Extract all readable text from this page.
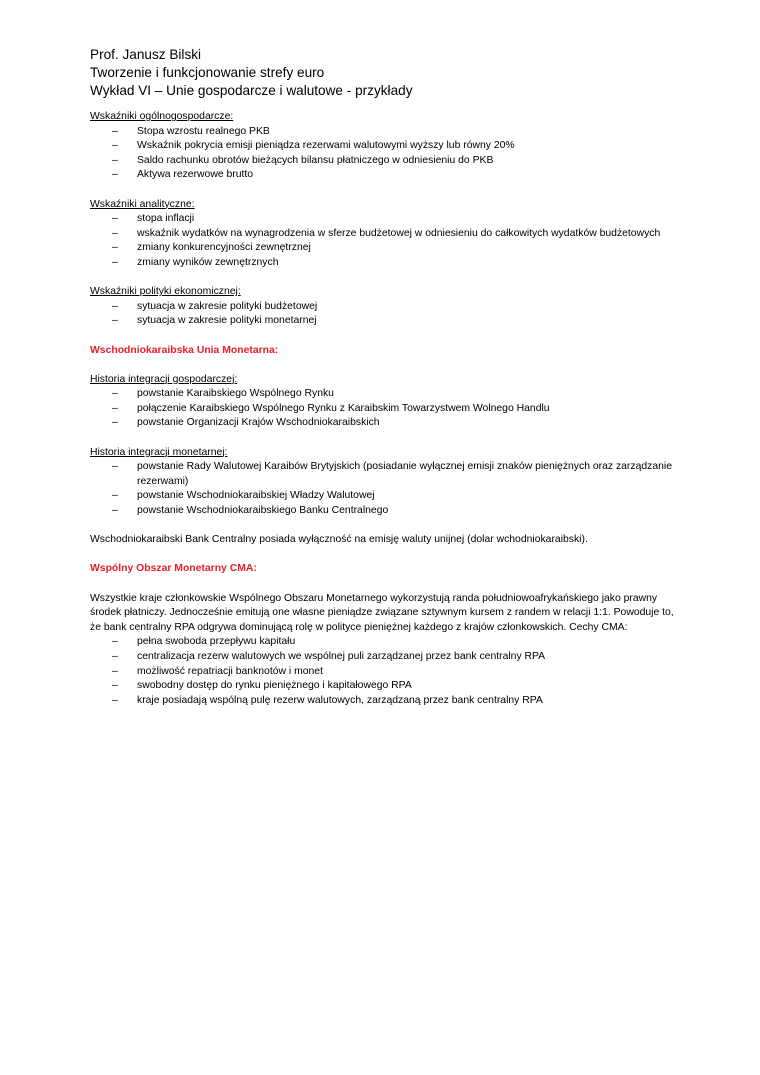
Prof. Janusz Bilski
Tworzenie i funkcjonowanie strefy euro
Wykład VI – Unie gospodarcze i walutowe - przykłady

Wskaźniki ogólnogospodarcze:

– Stopa wzrostu realnego PKB
– Wskaźnik pokrycia emisji pieniądza rezerwami walutowymi wyższy lub równy 20%
– Saldo rachunku obrotów bieżących bilansu płatniczego w odniesieniu do PKB
– Aktywa rezerwowe brutto

Wskaźniki analityczne:

– stopa inflacji
– wskaźnik wydatków na wynagrodzenia w sferze budżetowej w odniesieniu do całkowitych wydatków budżetowych
– zmiany konkurencyjności zewnętrznej
– zmiany wyników zewnętrznych

Wskaźniki polityki ekonomicznej:

– sytuacja w zakresie polityki budżetowej
– sytuacja w zakresie polityki monetarnej

Wschodniokaraibska Unia Monetarna:

Historia integracji gospodarczej:

– powstanie Karaibskiego Wspólnego Rynku
– połączenie Karaibskiego Wspólnego Rynku z Karaibskim Towarzystwem Wolnego Handlu
– powstanie Organizacji Krajów Wschodniokaraibskich

Historia integracji monetarnej:

– powstanie Rady Walutowej Karaibów Brytyjskich (posiadanie wyłącznej emisji znaków pieniężnych oraz zarządzanie rezerwami)
– powstanie Wschodniokaraibskiej Władzy Walutowej
– powstanie Wschodniokaraibskiego Banku Centralnego

Wschodniokaraibski Bank Centralny posiada wyłączność na emisję waluty unijnej (dolar wchodniokaraibski).

Wspólny Obszar Monetarny CMA:

Wszystkie kraje członkowskie Wspólnego Obszaru Monetarnego wykorzystują randa południowoafrykańskiego jako prawny środek płatniczy. Jednocześnie emitują one własne pieniądze związane sztywnym kursem z randem w relacji 1:1. Powoduje to, że bank centralny RPA odgrywa dominującą rolę w polityce pieniężnej każdego z krajów członkowskich. Cechy CMA:

– pełna swoboda przepływu kapitału
– centralizacja rezerw walutowych we wspólnej puli zarządzanej przez bank centralny RPA
– możliwość repatriacji banknotów i monet
– swobodny dostęp do rynku pieniężnego i kapitałowego RPA
– kraje posiadają wspólną pulę rezerw walutowych, zarządzaną przez bank centralny RPA
